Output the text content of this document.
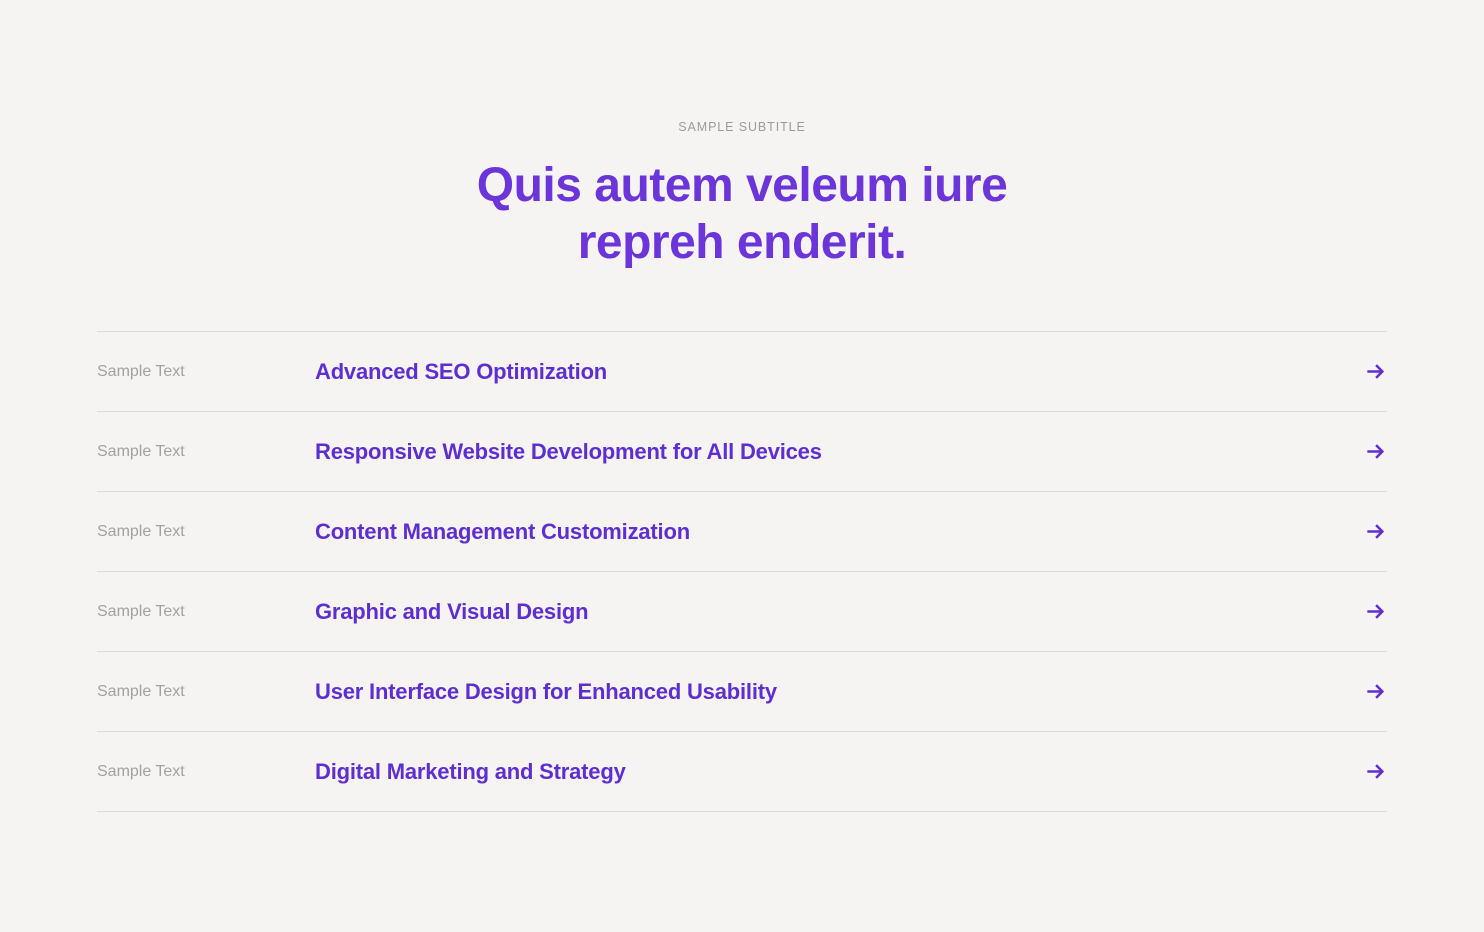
SAMPLE SUBTITLE
Quis autem veleum iure
repreh enderit.
Sample Text	Advanced SEO Optimization
Sample Text	Responsive Website Development for All Devices
Sample Text	Content Management Customization
Sample Text	Graphic and Visual Design
Sample Text	User Interface Design for Enhanced Usability
Sample Text	Digital Marketing and Strategy
